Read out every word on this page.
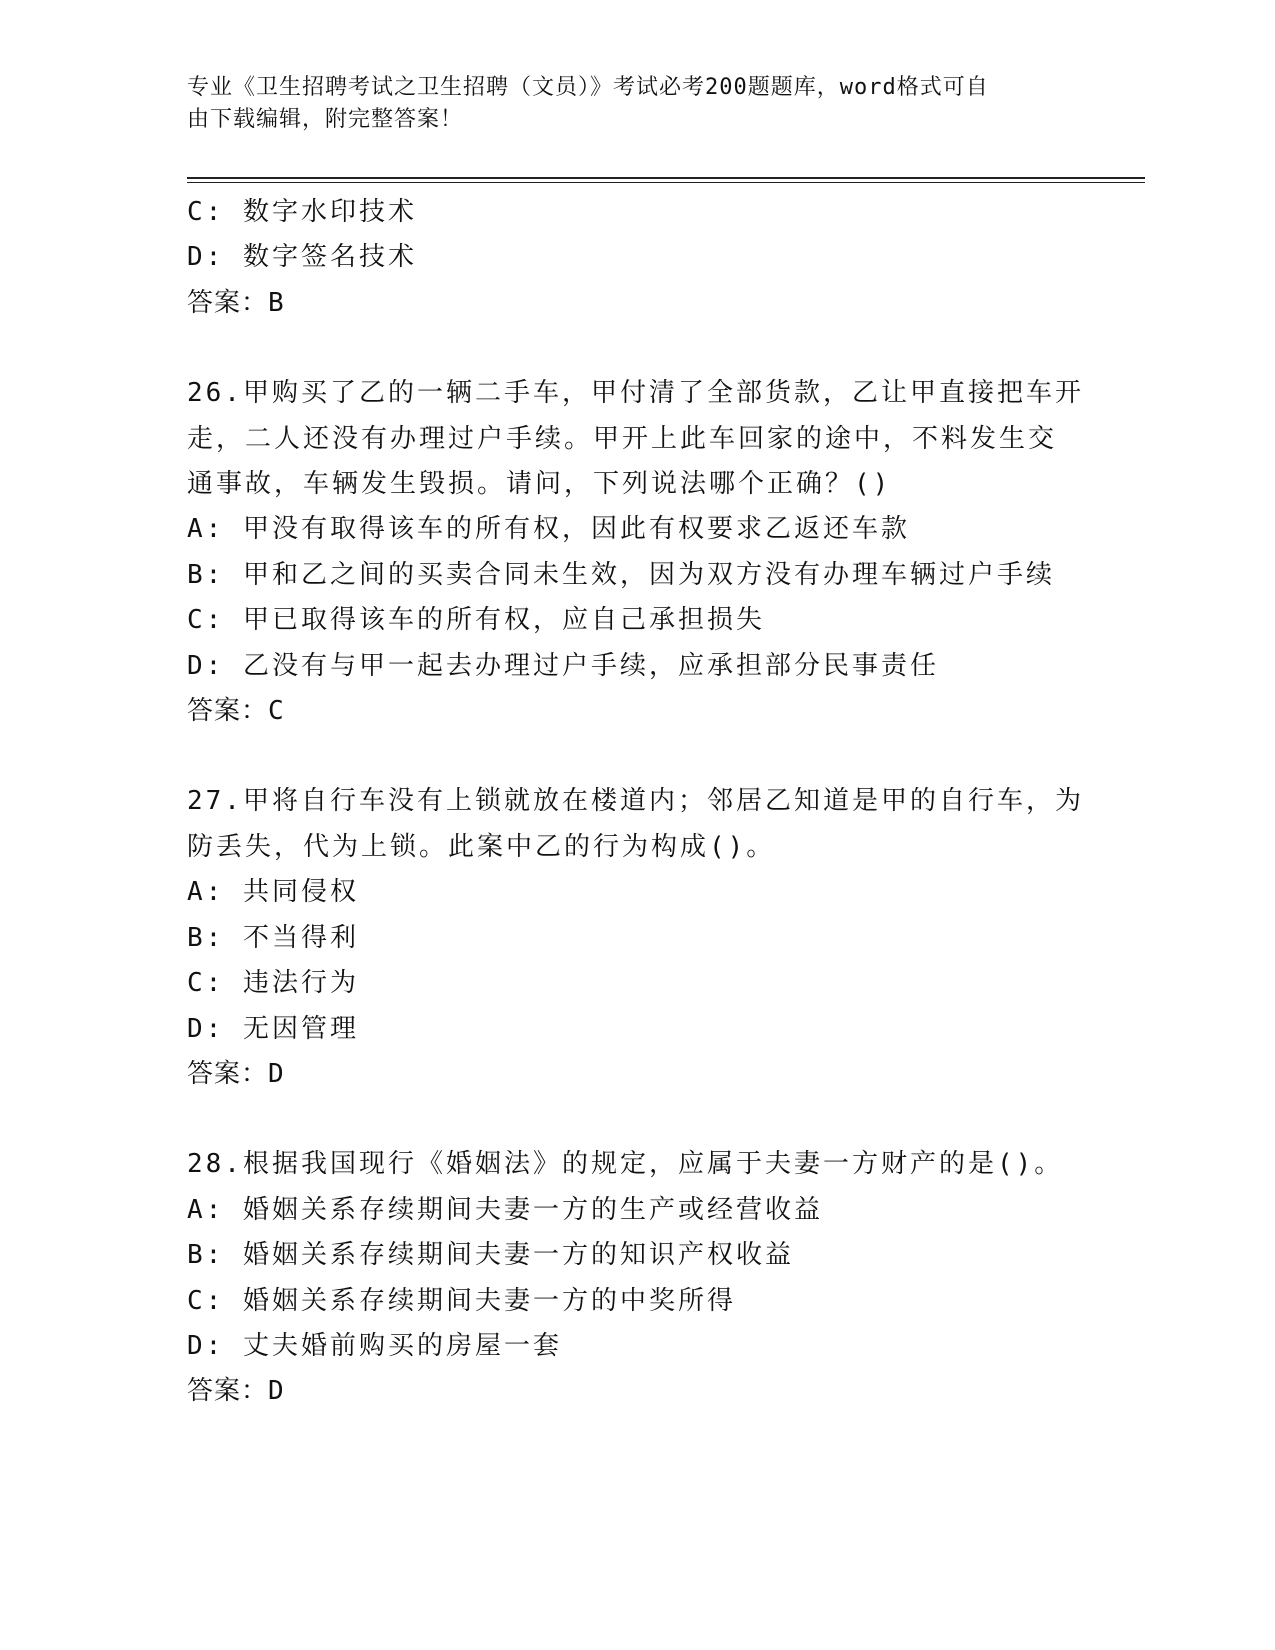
专业《卫生招聘考试之卫生招聘（文员）》考试必考200题题库，word格式可自
由下载编辑，附完整答案！
C: 数字水印技术
D: 数字签名技术
答案：B
26.甲购买了乙的一辆二手车，甲付清了全部货款，乙让甲直接把车开
走，二人还没有办理过户手续。甲开上此车回家的途中，不料发生交
通事故，车辆发生毁损。请问，下列说法哪个正确？()
A: 甲没有取得该车的所有权，因此有权要求乙返还车款
B: 甲和乙之间的买卖合同未生效，因为双方没有办理车辆过户手续
C: 甲已取得该车的所有权，应自己承担损失
D: 乙没有与甲一起去办理过户手续，应承担部分民事责任
答案：C
27.甲将自行车没有上锁就放在楼道内；邻居乙知道是甲的自行车，为
防丢失，代为上锁。此案中乙的行为构成()。
A: 共同侵权
B: 不当得利
C: 违法行为
D: 无因管理
答案：D
28.根据我国现行《婚姻法》的规定，应属于夫妻一方财产的是()。
A: 婚姻关系存续期间夫妻一方的生产或经营收益
B: 婚姻关系存续期间夫妻一方的知识产权收益
C: 婚姻关系存续期间夫妻一方的中奖所得
D: 丈夫婚前购买的房屋一套
答案：D
